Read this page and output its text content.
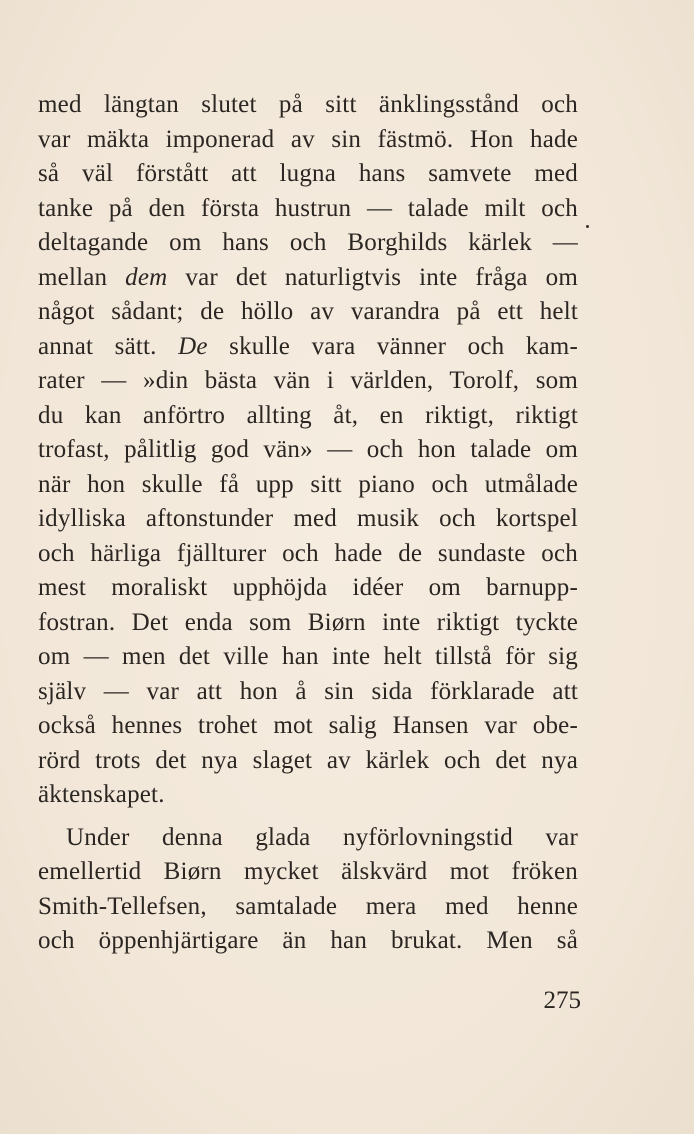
med längtan slutet på sitt änklingsstånd och
var mäkta imponerad av sin fästmö. Hon hade
så väl förstått att lugna hans samvete med
tanke på den första hustrun — talade milt och
deltagande om hans och Borghilds kärlek —
mellan dem var det naturligtvis inte fråga om
något sådant; de höllo av varandra på ett helt
annat sätt. De skulle vara vänner och kam-
rater — »din bästa vän i världen, Torolf, som
du kan anförtro allting åt, en riktigt, riktigt
trofast, pålitlig god vän» — och hon talade om
när hon skulle få upp sitt piano och utmålade
idylliska aftonstunder med musik och kortspel
och härliga fjällturer och hade de sundaste och
mest moraliskt upphöjda idéer om barnupp-
fostran. Det enda som Biørn inte riktigt tyckte
om — men det ville han inte helt tillstå för sig
själv — var att hon å sin sida förklarade att
också hennes trohet mot salig Hansen var obe-
rörd trots det nya slaget av kärlek och det nya
äktenskapet.
Under denna glada nyförlovningstid var
emellertid Biørn mycket älskvärd mot fröken
Smith-Tellefsen, samtalade mera med henne
och öppenhjärtigare än han brukat. Men så
275
